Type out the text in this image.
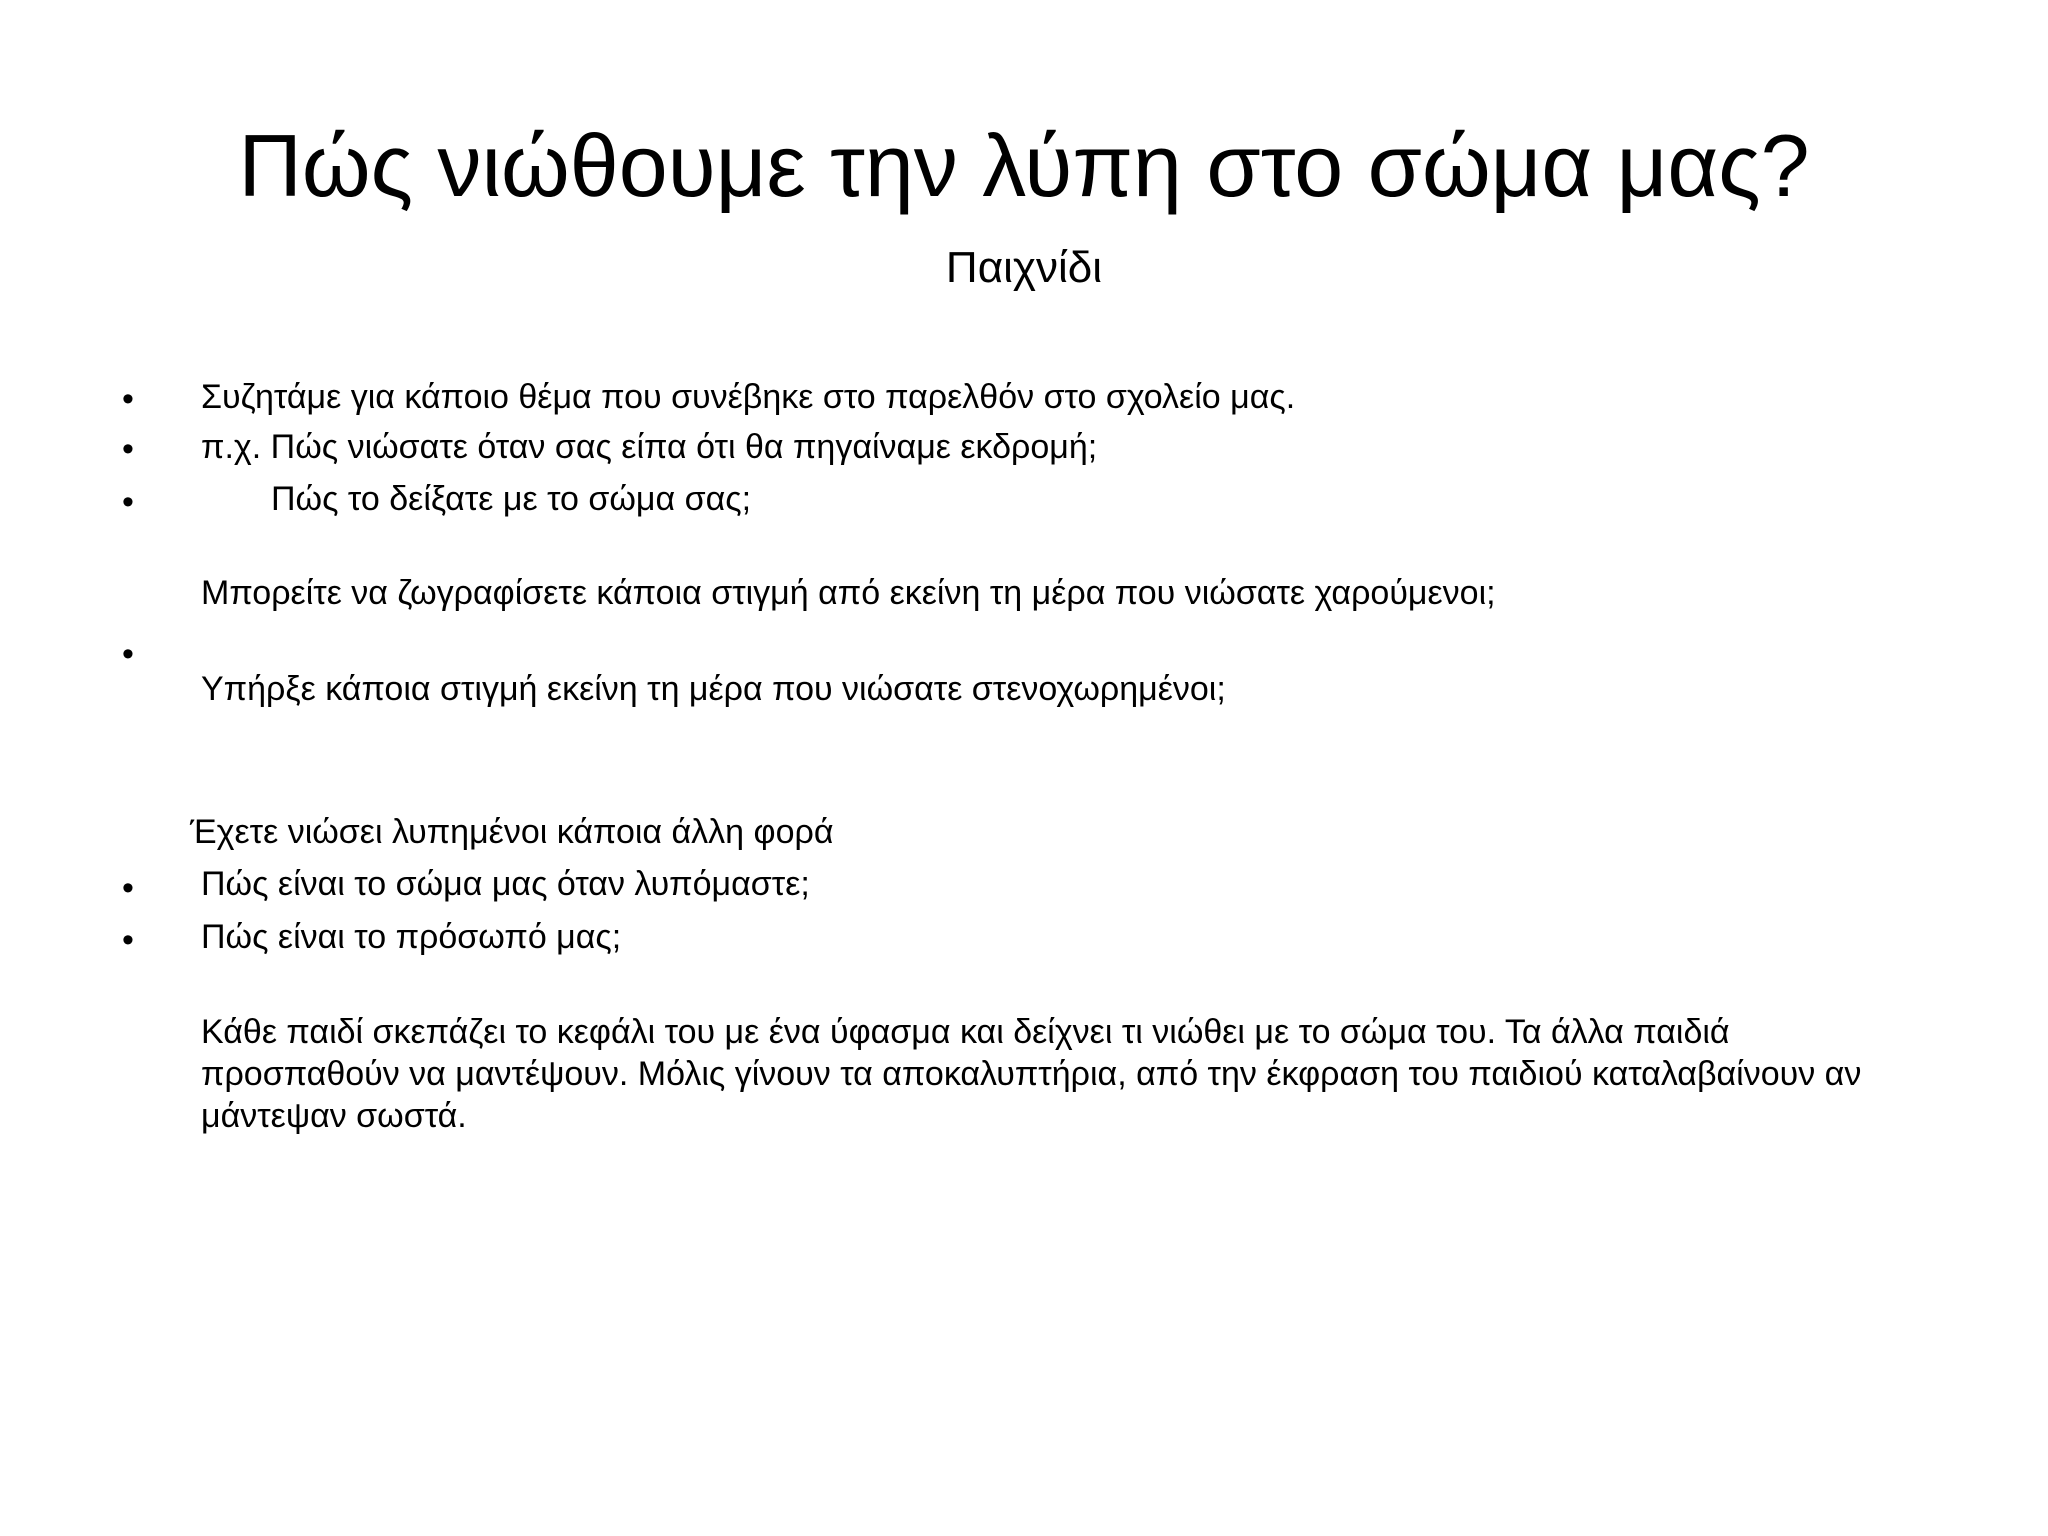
Πώς νιώθουμε την λύπη στο σώμα μας?
Παιχνίδι
• Συζητάμε για κάποιο θέμα που συνέβηκε στο παρελθόν στο σχολείο μας.
• π.χ. Πώς νιώσατε όταν σας είπα ότι θα πηγαίναμε εκδρομή;
•	Πώς το δείξατε με το σώμα σας;
Μπορείτε να ζωγραφίσετε κάποια στιγμή από εκείνη τη μέρα που νιώσατε χαρούμενοι;
•
Υπήρξε κάποια στιγμή εκείνη τη μέρα που νιώσατε στενοχωρημένοι;
Έχετε νιώσει λυπημένοι κάποια άλλη φορά
• Πώς είναι το σώμα μας όταν λυπόμαστε;
• Πώς είναι το πρόσωπό μας;
Κάθε παιδί σκεπάζει το κεφάλι του με ένα ύφασμα και δείχνει τι νιώθει με το σώμα του. Τα άλλα παιδιά προσπαθούν να μαντέψουν. Μόλις γίνουν τα αποκαλυπτήρια, από την έκφραση του παιδιού καταλαβαίνουν αν μάντεψαν σωστά.
